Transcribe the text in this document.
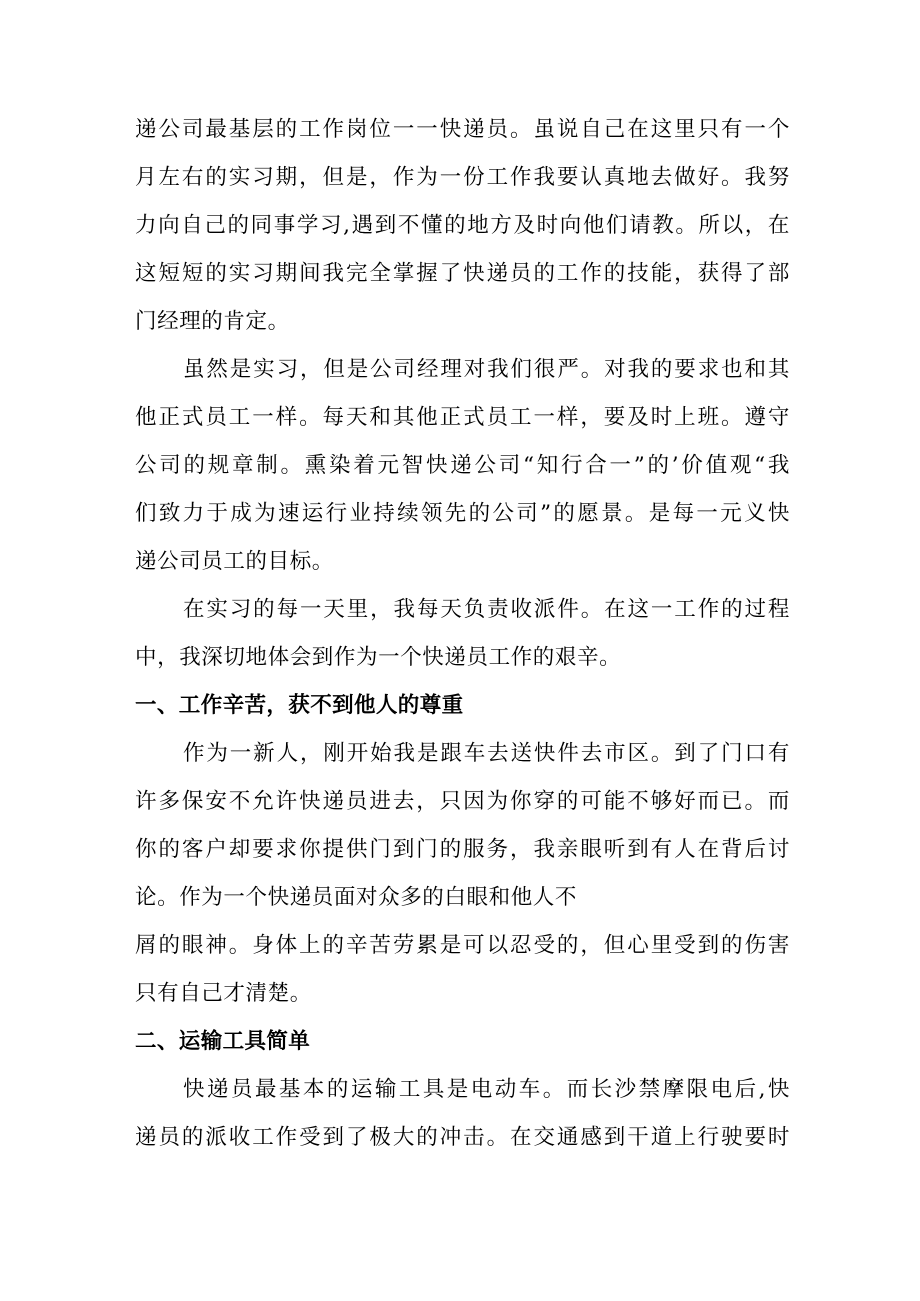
递公司最基层的工作岗位一一快递员。虽说自己在这里只有一个
月左右的实习期，但是，作为一份工作我要认真地去做好。我努
力向自己的同事学习,遇到不懂的地方及时向他们请教。所以，在
这短短的实习期间我完全掌握了快递员的工作的技能，获得了部
门经理的肯定。
虽然是实习，但是公司经理对我们很严。对我的要求也和其
他正式员工一样。每天和其他正式员工一样，要及时上班。遵守
公司的规章制。熏染着元智快递公司“知行合一”的’价值观“我
们致力于成为速运行业持续领先的公司”的愿景。是每一元义快
递公司员工的目标。
在实习的每一天里，我每天负责收派件。在这一工作的过程
中，我深切地体会到作为一个快递员工作的艰辛。
一、工作辛苦，获不到他人的尊重
作为一新人，刚开始我是跟车去送快件去市区。到了门口有
许多保安不允许快递员进去，只因为你穿的可能不够好而已。而
你的客户却要求你提供门到门的服务，我亲眼听到有人在背后讨
论。作为一个快递员面对众多的白眼和他人不
屑的眼神。身体上的辛苦劳累是可以忍受的，但心里受到的伤害
只有自己才清楚。
二、运输工具简单
快递员最基本的运输工具是电动车。而长沙禁摩限电后,快
递员的派收工作受到了极大的冲击。在交通感到干道上行驶要时
